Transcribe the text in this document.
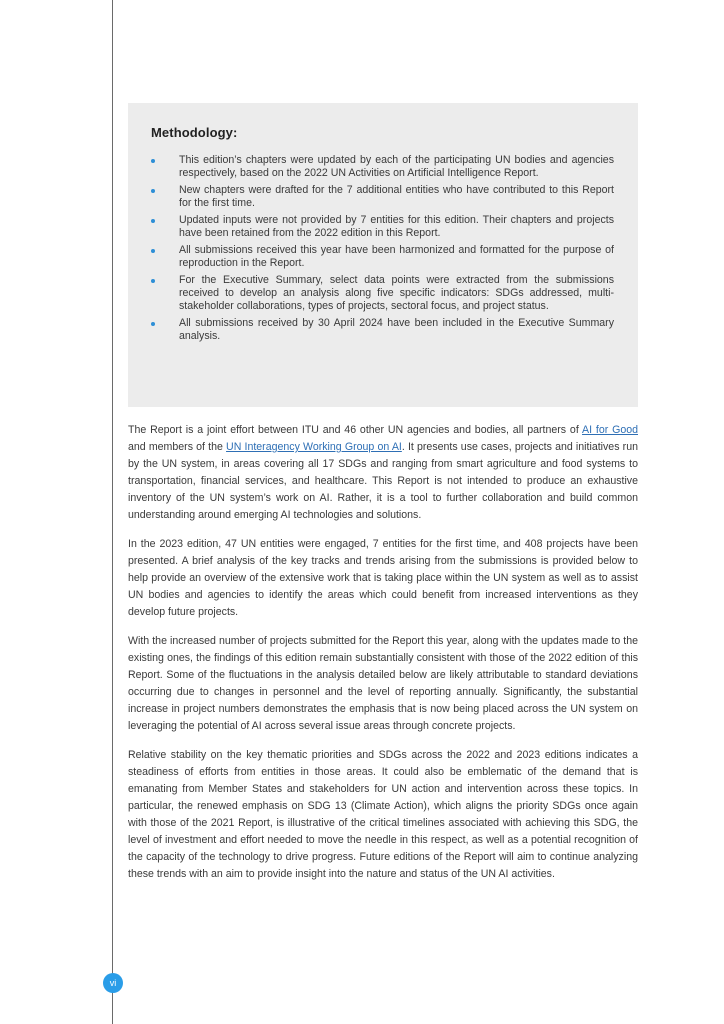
Methodology:
This edition’s chapters were updated by each of the participating UN bodies and agencies respectively, based on the 2022 UN Activities on Artificial Intelligence Report.
New chapters were drafted for the 7 additional entities who have contributed to this Report for the first time.
Updated inputs were not provided by 7 entities for this edition. Their chapters and projects have been retained from the 2022 edition in this Report.
All submissions received this year have been harmonized and formatted for the purpose of reproduction in the Report.
For the Executive Summary, select data points were extracted from the submissions received to develop an analysis along five specific indicators: SDGs addressed, multi-stakeholder collaborations, types of projects, sectoral focus, and project status.
All submissions received by 30 April 2024 have been included in the Executive Summary analysis.

The Report is a joint effort between ITU and 46 other UN agencies and bodies, all partners of AI for Good and members of the UN Interagency Working Group on AI. It presents use cases, projects and initiatives run by the UN system, in areas covering all 17 SDGs and ranging from smart agriculture and food systems to transportation, financial services, and healthcare. This Report is not intended to produce an exhaustive inventory of the UN system’s work on AI. Rather, it is a tool to further collaboration and build common understanding around emerging AI technologies and solutions.

In the 2023 edition, 47 UN entities were engaged, 7 entities for the first time, and 408 projects have been presented. A brief analysis of the key tracks and trends arising from the submissions is provided below to help provide an overview of the extensive work that is taking place within the UN system as well as to assist UN bodies and agencies to identify the areas which could benefit from increased interventions as they develop future projects.

With the increased number of projects submitted for the Report this year, along with the updates made to the existing ones, the findings of this edition remain substantially consistent with those of the 2022 edition of this Report. Some of the fluctuations in the analysis detailed below are likely attributable to standard deviations occurring due to changes in personnel and the level of reporting annually. Significantly, the substantial increase in project numbers demonstrates the emphasis that is now being placed across the UN system on leveraging the potential of AI across several issue areas through concrete projects.

Relative stability on the key thematic priorities and SDGs across the 2022 and 2023 editions indicates a steadiness of efforts from entities in those areas. It could also be emblematic of the demand that is emanating from Member States and stakeholders for UN action and intervention across these topics. In particular, the renewed emphasis on SDG 13 (Climate Action), which aligns the priority SDGs once again with those of the 2021 Report, is illustrative of the critical timelines associated with achieving this SDG, the level of investment and effort needed to move the needle in this respect, as well as a potential recognition of the capacity of the technology to drive progress. Future editions of the Report will aim to continue analyzing these trends with an aim to provide insight into the nature and status of the UN AI activities.

vi
